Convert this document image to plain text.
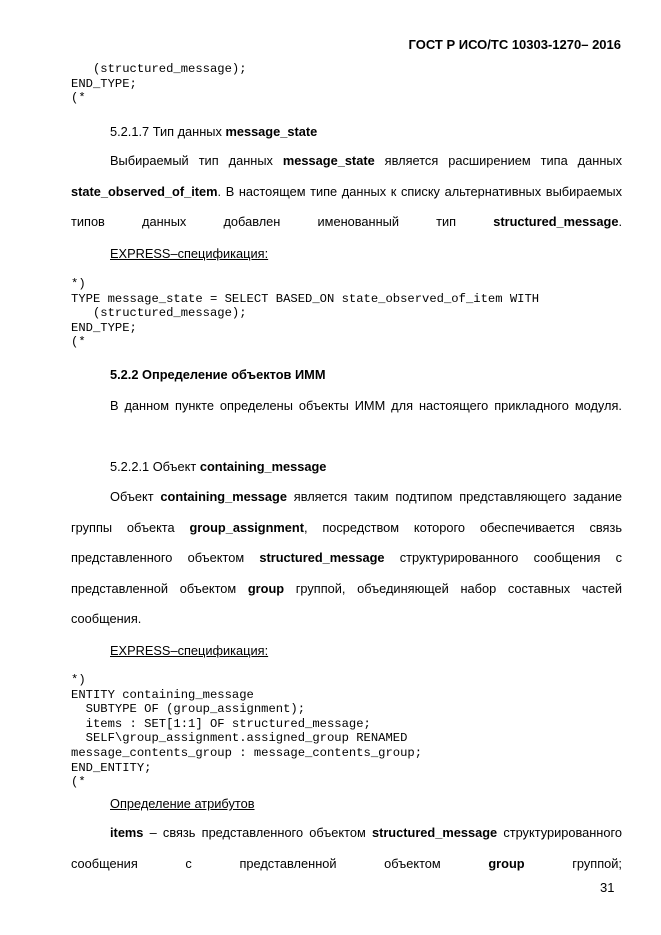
ГОСТ Р ИСО/ТС 10303-1270– 2016
(structured_message);
END_TYPE;
(*
5.2.1.7 Тип данных message_state
Выбираемый тип данных message_state является расширением типа данных state_observed_of_item. В настоящем типе данных к списку альтернативных выбираемых типов данных добавлен именованный тип structured_message.
EXPRESS–спецификация:
*)
TYPE message_state = SELECT BASED_ON state_observed_of_item WITH
(structured_message);
END_TYPE;
(*
5.2.2 Определение объектов ИММ
В данном пункте определены объекты ИММ для настоящего прикладного модуля.
5.2.2.1 Объект containing_message
Объект containing_message является таким подтипом представляющего задание группы объекта group_assignment, посредством которого обеспечивается связь представленного объектом structured_message структурированного сообщения с представленной объектом group группой, объединяющей набор составных частей сообщения.
EXPRESS–спецификация:
*)
ENTITY containing_message
SUBTYPE OF (group_assignment);
items : SET[1:1] OF structured_message;
SELF\group_assignment.assigned_group RENAMED
message_contents_group : message_contents_group;
END_ENTITY;
(*
Определение атрибутов
items – связь представленного объектом structured_message структурированного сообщения с представленной объектом group группой;
31
